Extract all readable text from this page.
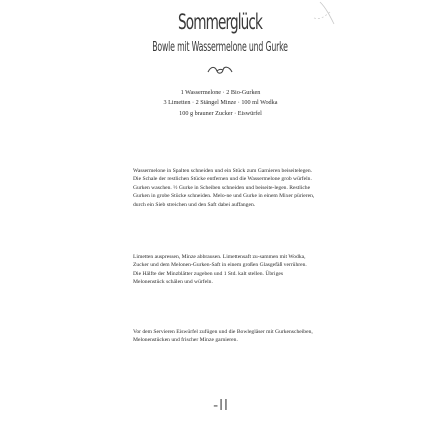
Sommerglück
Bowle mit Wassermelone und Gurke
1 Wassermelone · 2 Bio-Gurken
3 Limetten · 2 Stängel Minze · 100 ml Wodka
100 g brauner Zucker · Eiswürfel
Wassermelone in Spalten schneiden und ein Stück zum Garnieren beiseitelegen. Die Schale der restlichen Stücke entfernen und die Wassermelone grob würfeln. Gurken waschen. ½ Gurke in Scheiben schneiden und beiseite-legen. Restliche Gurken in grobe Stücke schneiden. Melo-ne und Gurke in einem Mixer pürieren, durch ein Sieb streichen und den Saft dabei auffangen.
Limetten auspressen, Minze abbrausen. Limettensaft zu-sammen mit Wodka, Zucker und dem Melonen-Gurken-Saft in einem großen Glasgefäß verrühren. Die Hälfte der Minzblätter zugeben und 1 Std. kalt stellen. Übriges Melonenstück schälen und würfeln.
Vor dem Servieren Eiswürfel zufügen und die Bowlegläser mit Gurkenscheiben, Melonenstücken und frischer Minze garnieren.
-ll
